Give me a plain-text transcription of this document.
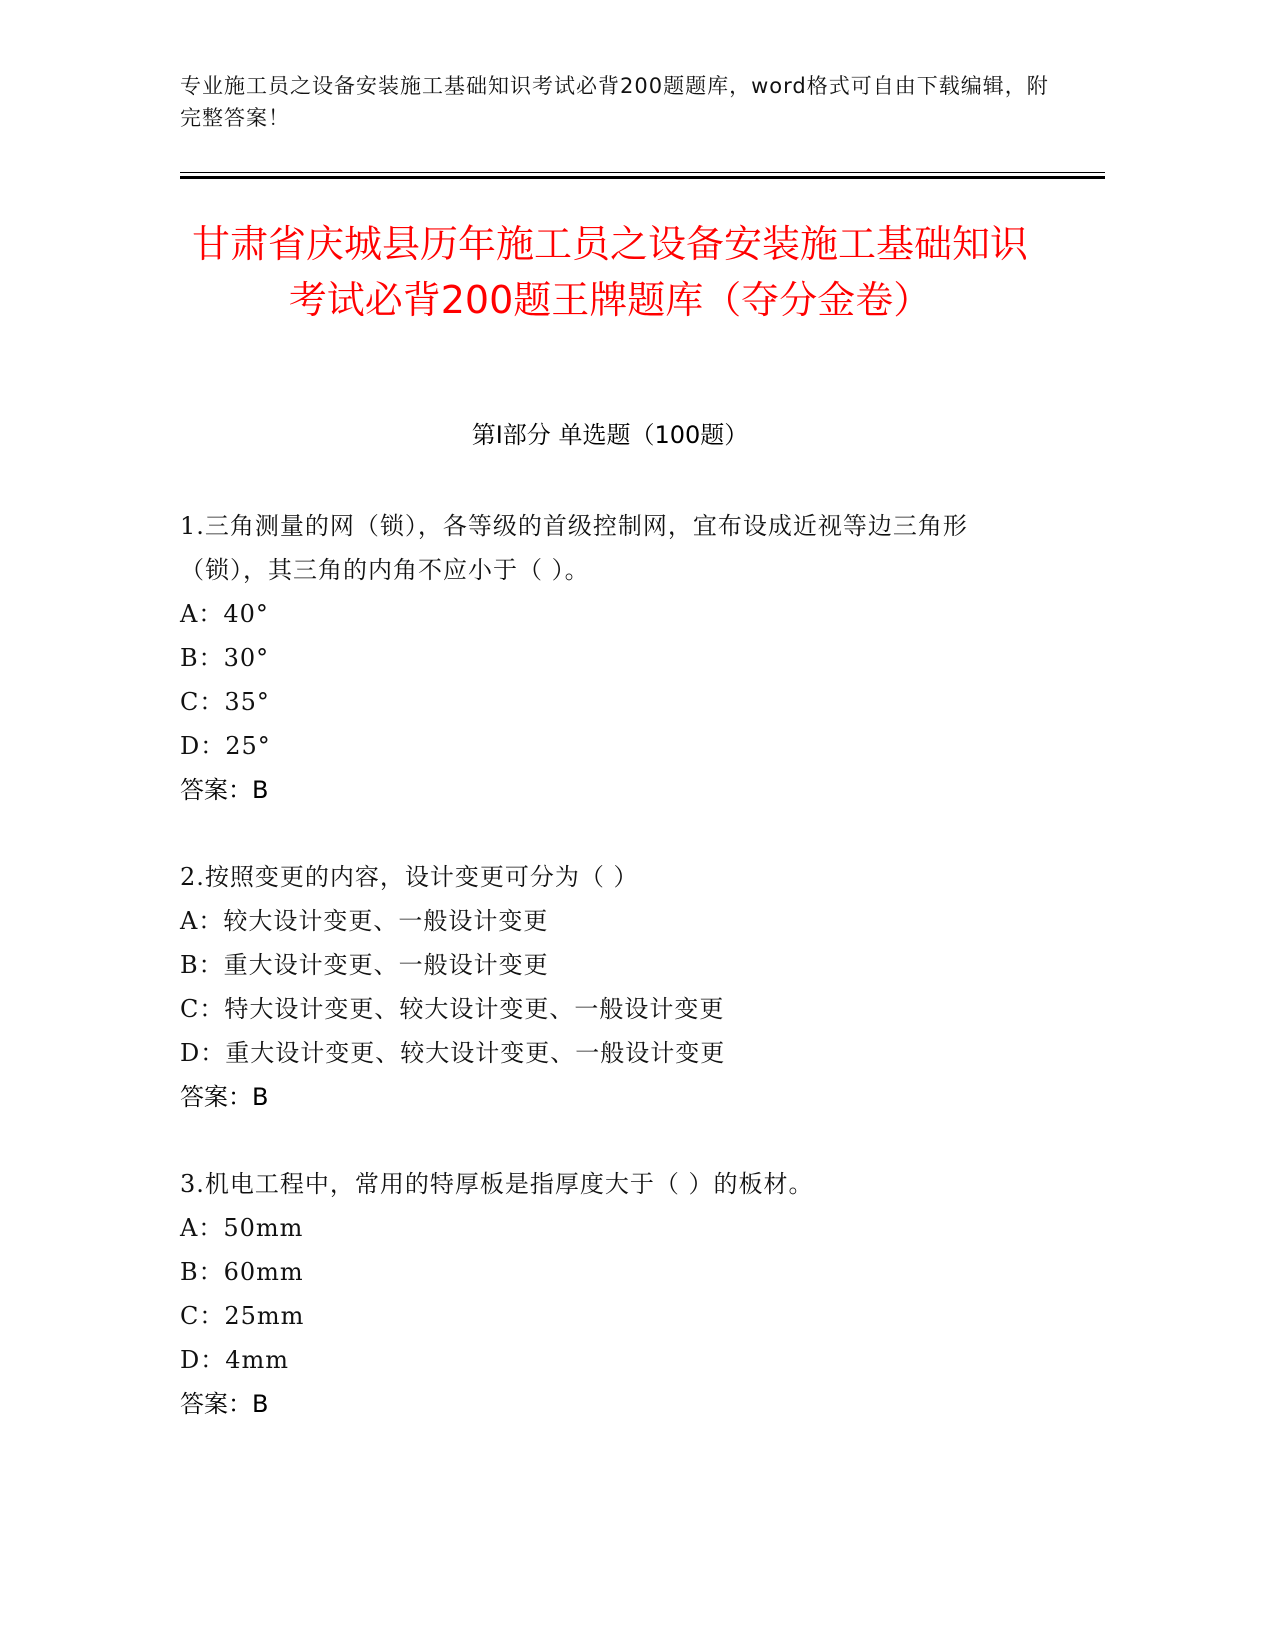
专业施工员之设备安装施工基础知识考试必背200题题库，word格式可自由下载编辑，附完整答案！
甘肃省庆城县历年施工员之设备安装施工基础知识考试必背200题王牌题库（夺分金卷）
第I部分 单选题（100题）
1.三角测量的网（锁），各等级的首级控制网，宜布设成近视等边三角形（锁），其三角的内角不应小于（ ）。
A：40°
B：30°
C：35°
D：25°
答案：B
2.按照变更的内容，设计变更可分为（ ）
A：较大设计变更、一般设计变更
B：重大设计变更、一般设计变更
C：特大设计变更、较大设计变更、一般设计变更
D：重大设计变更、较大设计变更、一般设计变更
答案：B
3.机电工程中，常用的特厚板是指厚度大于（ ）的板材。
A：50mm
B：60mm
C：25mm
D：4mm
答案：B
